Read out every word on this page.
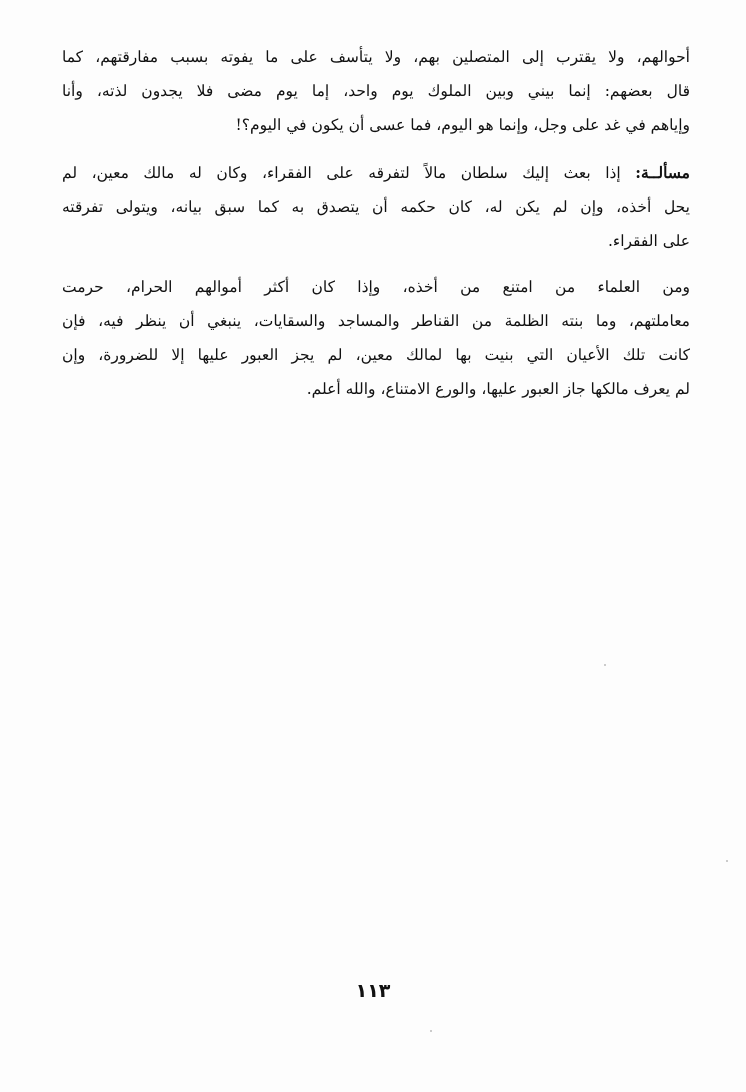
أحوالهم، ولا يقترب إلى المتصلين بهم، ولا يتأسف على ما يفوته بسبب مفارقتهم، كما
قال بعضهم: إنما بيني وبين الملوك يوم واحد، إما يوم مضى فلا يجدون لذته، وأنا
وإياهم في غد على وجل، وإنما هو اليوم، فما عسى أن يكون في اليوم؟!
مسألــة: إذا بعث إليك سلطان مالاً لتفرقه على الفقراء، وكان له مالك معين، لم
يحل أخذه، وإن لم يكن له، كان حكمه أن يتصدق به كما سبق بيانه، ويتولى تفرقته
على الفقراء.
ومن العلماء من امتنع من أخذه، وإذا كان أكثر أموالهم الحرام، حرمت
معاملتهم، وما بنته الظلمة من القناطر والمساجد والسقايات، ينبغي أن ينظر فيه، فإن
كانت تلك الأعيان التي بنيت بها لمالك معين، لم يجز العبور عليها إلا للضرورة، وإن
لم يعرف مالكها جاز العبور عليها، والورع الامتناع، والله أعلم.
١١٣
